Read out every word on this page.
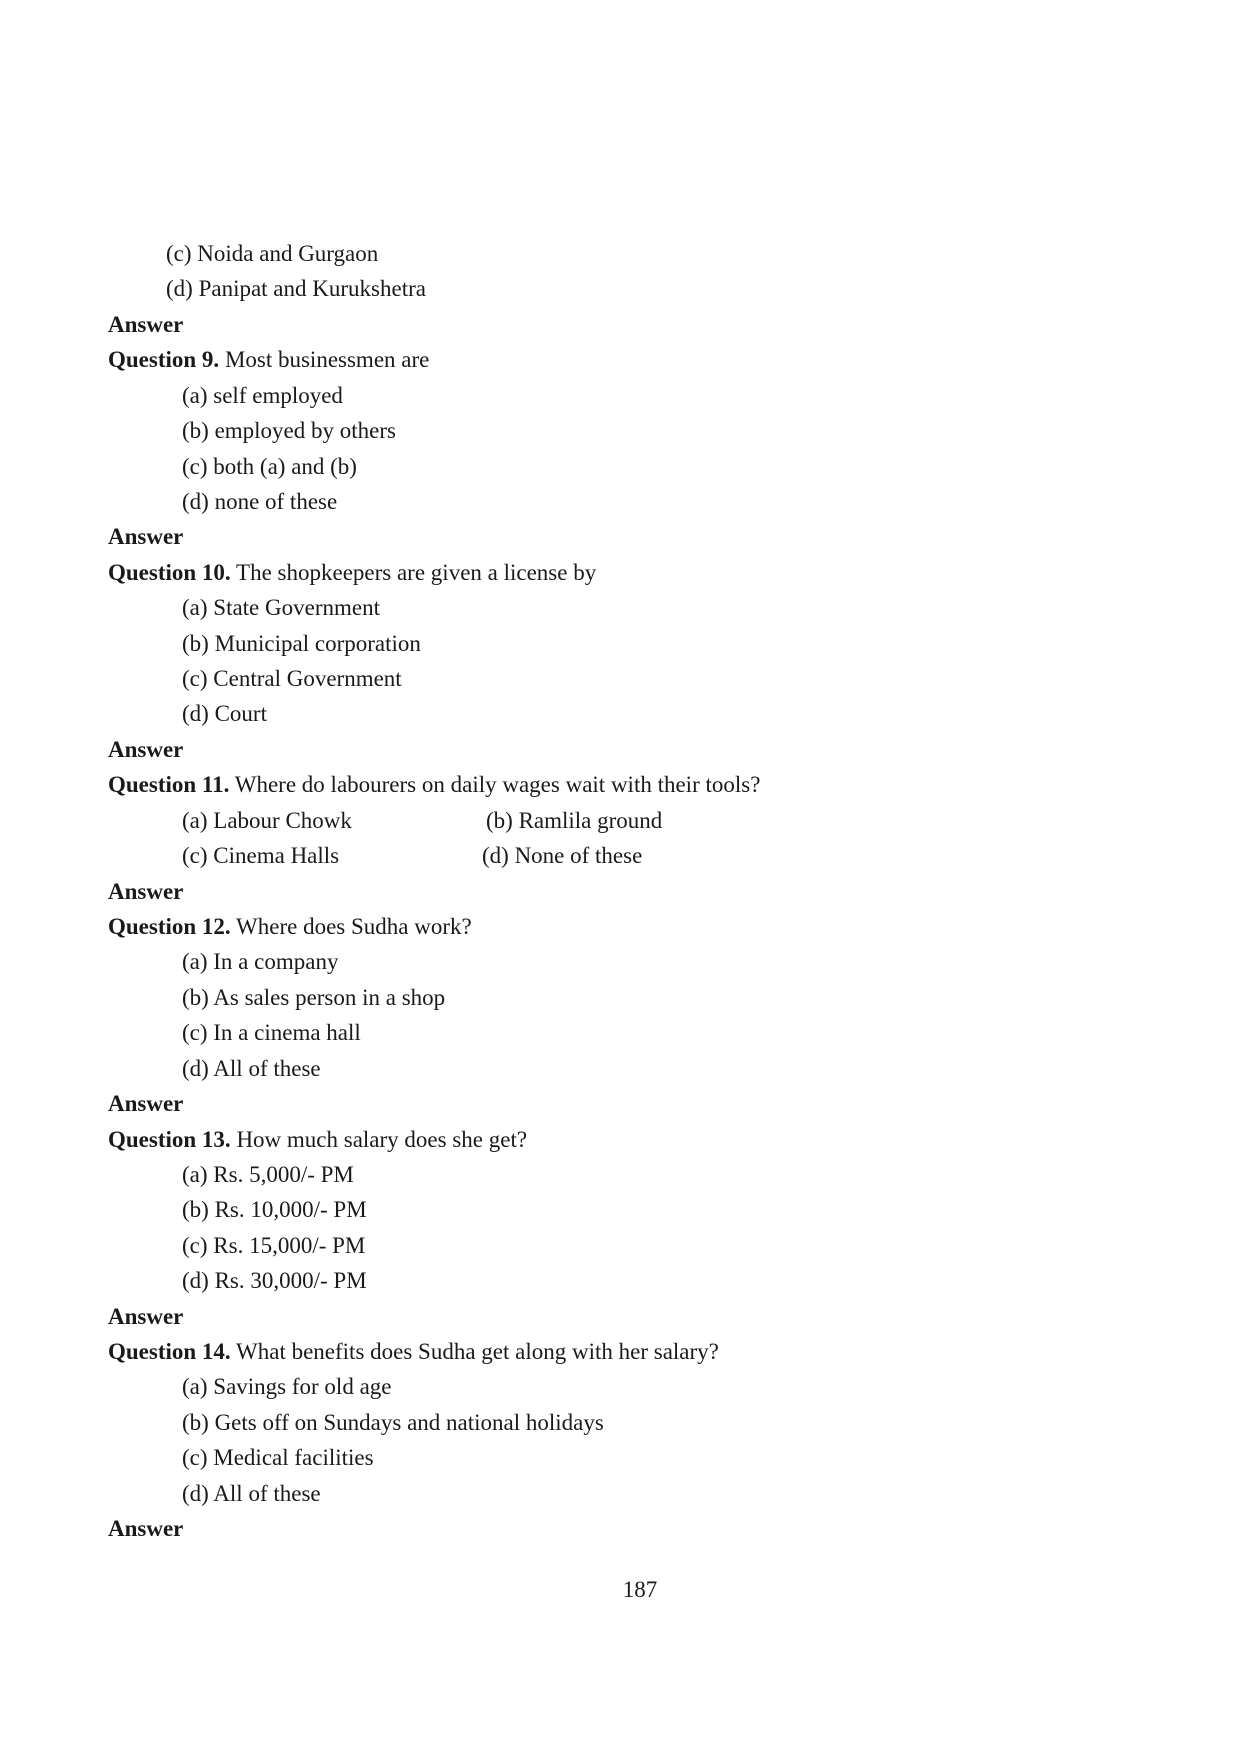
(c) Noida and Gurgaon
(d) Panipat and Kurukshetra
Answer
Question 9. Most businessmen are
(a) self employed
(b) employed by others
(c) both (a) and (b)
(d) none of these
Answer
Question 10. The shopkeepers are given a license by
(a) State Government
(b) Municipal corporation
(c) Central Government
(d) Court
Answer
Question 11. Where do labourers on daily wages wait with their tools?
(a) Labour Chowk	(b) Ramlila ground
(c) Cinema Halls	(d) None of these
Answer
Question 12. Where does Sudha work?
(a) In a company
(b) As sales person in a shop
(c) In a cinema hall
(d) All of these
Answer
Question 13. How much salary does she get?
(a) Rs. 5,000/- PM
(b) Rs. 10,000/- PM
(c) Rs. 15,000/- PM
(d) Rs. 30,000/- PM
Answer
Question 14. What benefits does Sudha get along with her salary?
(a) Savings for old age
(b) Gets off on Sundays and national holidays
(c) Medical facilities
(d) All of these
Answer
187
